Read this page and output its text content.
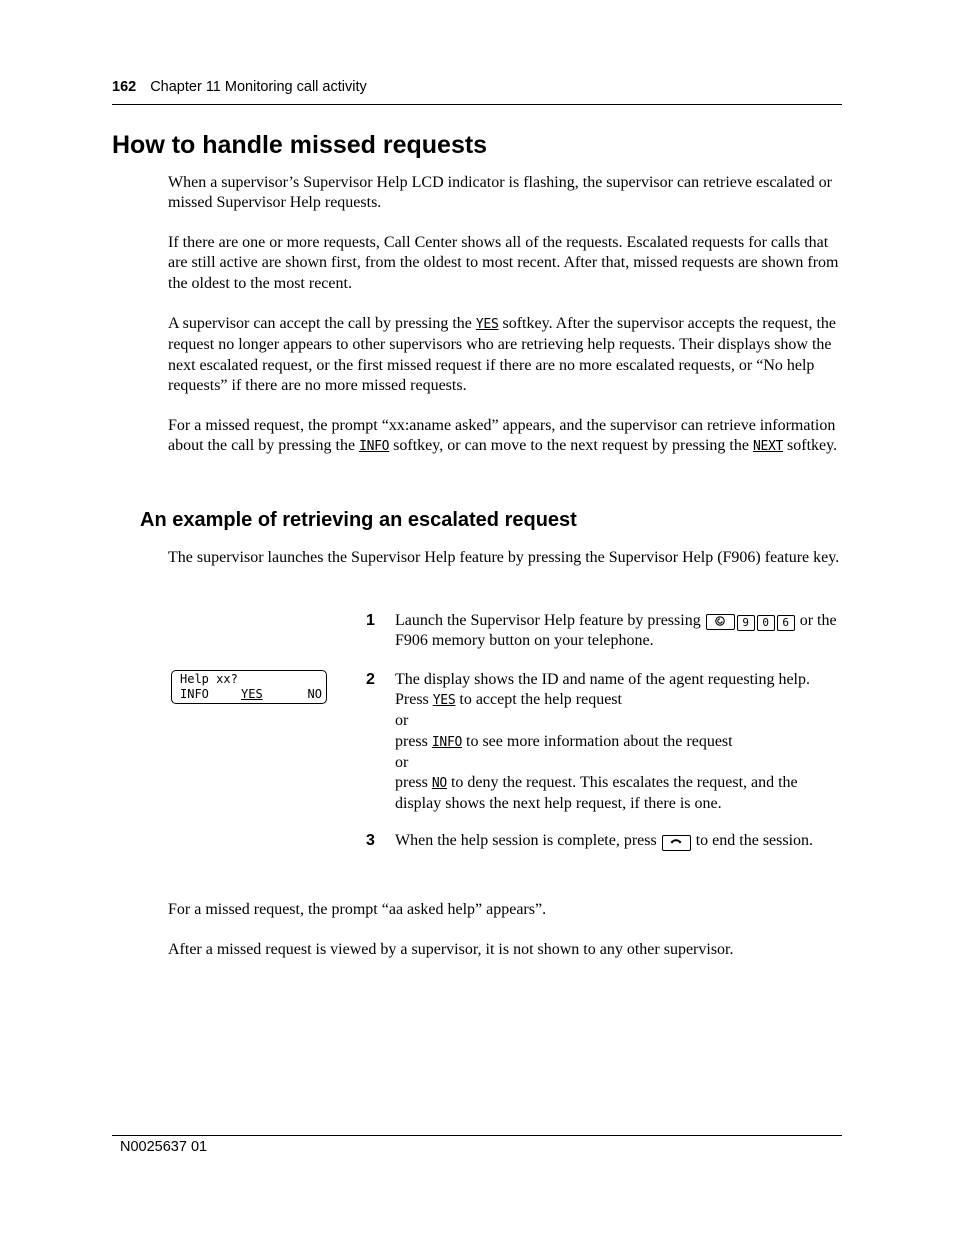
162 Chapter 11 Monitoring call activity
How to handle missed requests

When a supervisor’s Supervisor Help LCD indicator is flashing, the supervisor can retrieve escalated or missed Supervisor Help requests.

If there are one or more requests, Call Center shows all of the requests. Escalated requests for calls that are still active are shown first, from the oldest to most recent. After that, missed requests are shown from the oldest to the most recent.

A supervisor can accept the call by pressing the YES softkey. After the supervisor accepts the request, the request no longer appears to other supervisors who are retrieving help requests. Their displays show the next escalated request, or the first missed request if there are no more escalated requests, or “No help requests” if there are no more missed requests.

For a missed request, the prompt “xx:aname asked” appears, and the supervisor can retrieve information about the call by pressing the INFO softkey, or can move to the next request by pressing the NEXT softkey.

An example of retrieving an escalated request

The supervisor launches the Supervisor Help feature by pressing the Supervisor Help (F906) feature key.

1 Launch the Supervisor Help feature by pressing	9 0 6 or the F906 memory button on your telephone.

Help xx?
INFO	YES	NO
2 The display shows the ID and name of the agent requesting help.
Press YES to accept the help request
or
press INFO to see more information about the request
or
press NO to deny the request. This escalates the request, and the display shows the next help request, if there is one.
3 When the help session is complete, press to end the session.

For a missed request, the prompt “aa asked help” appears”.

After a missed request is viewed by a supervisor, it is not shown to any other supervisor.

N0025637 01
